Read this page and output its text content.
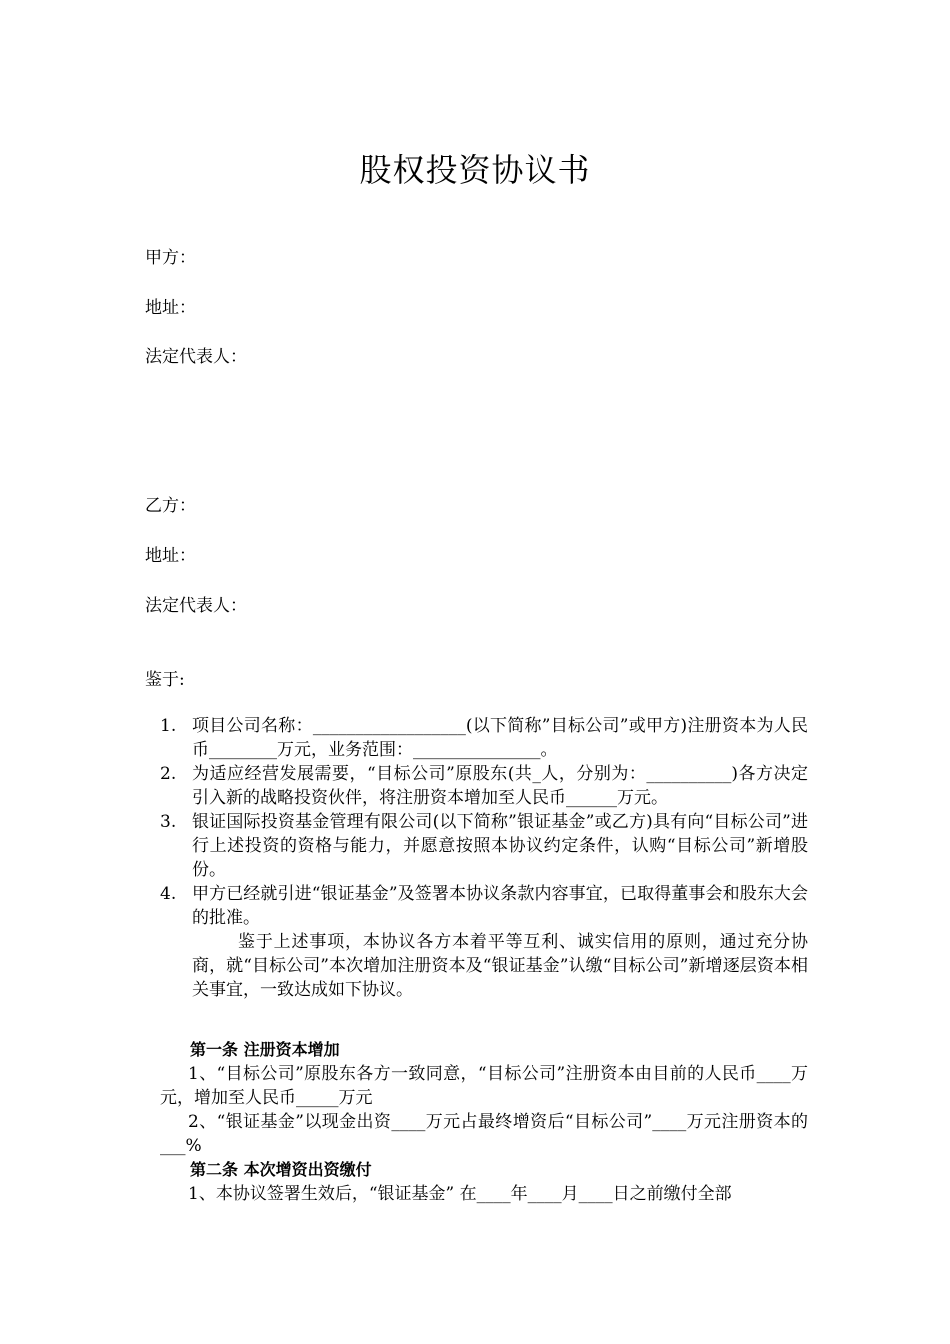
股权投资协议书
甲方：
地址：
法定代表人：
乙方：
地址：
法定代表人：
鉴于:
1. 项目公司名称：__________________(以下简称”目标公司”或甲方)注册资本为人民币________万元，业务范围：_______________。
2. 为适应经营发展需要，“目标公司”原股东(共_人，分别为：__________)各方决定引入新的战略投资伙伴，将注册资本增加至人民币______万元。
3. 银证国际投资基金管理有限公司(以下简称”银证基金”或乙方)具有向“目标公司”进行上述投资的资格与能力，并愿意按照本协议约定条件，认购“目标公司”新增股份。
4. 甲方已经就引进“银证基金”及签署本协议条款内容事宜，已取得董事会和股东大会的批准。
鉴于上述事项，本协议各方本着平等互利、诚实信用的原则，通过充分协商，就“目标公司”本次增加注册资本及“银证基金”认缴“目标公司”新增逐层资本相关事宜，一致达成如下协议。
第一条 注册资本增加
1、“目标公司”原股东各方一致同意，“目标公司”注册资本由目前的人民币____万元，增加至人民币_____万元
2、“银证基金”以现金出资____万元占最终增资后“目标公司”____万元注册资本的___%
第二条 本次增资出资缴付
1、本协议签署生效后，“银证基金” 在____年____月____日之前缴付全部
